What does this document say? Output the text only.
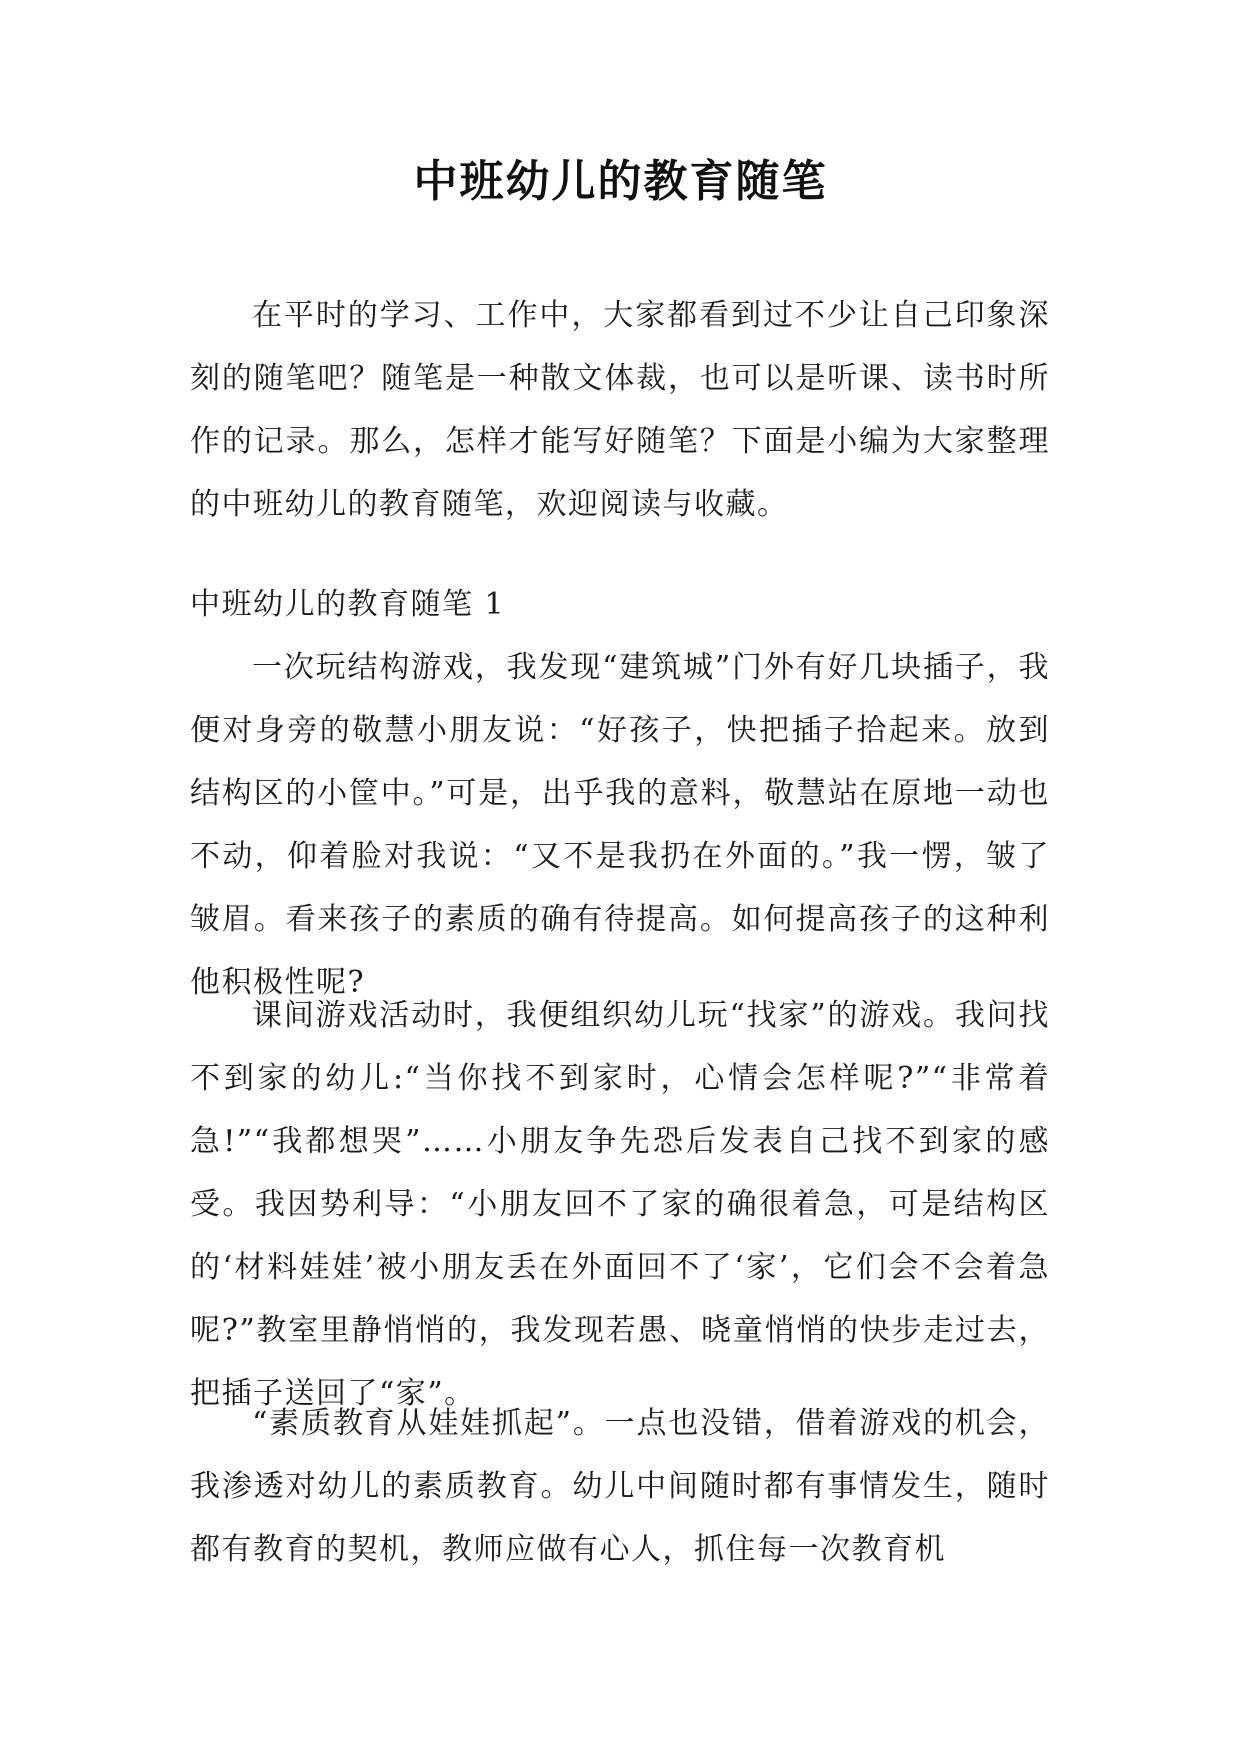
中班幼儿的教育随笔

在平时的学习、工作中，大家都看到过不少让自己印象深刻的随笔吧？随笔是一种散文体裁，也可以是听课、读书时所作的记录。那么，怎样才能写好随笔？下面是小编为大家整理的中班幼儿的教育随笔，欢迎阅读与收藏。

中班幼儿的教育随笔 1

一次玩结构游戏，我发现“建筑城”门外有好几块插子，我便对身旁的敬慧小朋友说：“好孩子，快把插子拾起来。放到结构区的小筐中。”可是，出乎我的意料，敬慧站在原地一动也不动，仰着脸对我说：“又不是我扔在外面的。”我一愣，皱了皱眉。看来孩子的素质的确有待提高。如何提高孩子的这种利他积极性呢?

课间游戏活动时，我便组织幼儿玩“找家”的游戏。我问找不到家的幼儿:“当你找不到家时，心情会怎样呢?”“非常着急!”“我都想哭”……小朋友争先恐后发表自己找不到家的感受。我因势利导：“小朋友回不了家的确很着急，可是结构区的‘材料娃娃’被小朋友丢在外面回不了‘家’，它们会不会着急呢?”教室里静悄悄的，我发现若愚、晓童悄悄的快步走过去，把插子送回了“家”。

“素质教育从娃娃抓起”。一点也没错，借着游戏的机会，我渗透对幼儿的素质教育。幼儿中间随时都有事情发生，随时都有教育的契机，教师应做有心人，抓住每一次教育机
